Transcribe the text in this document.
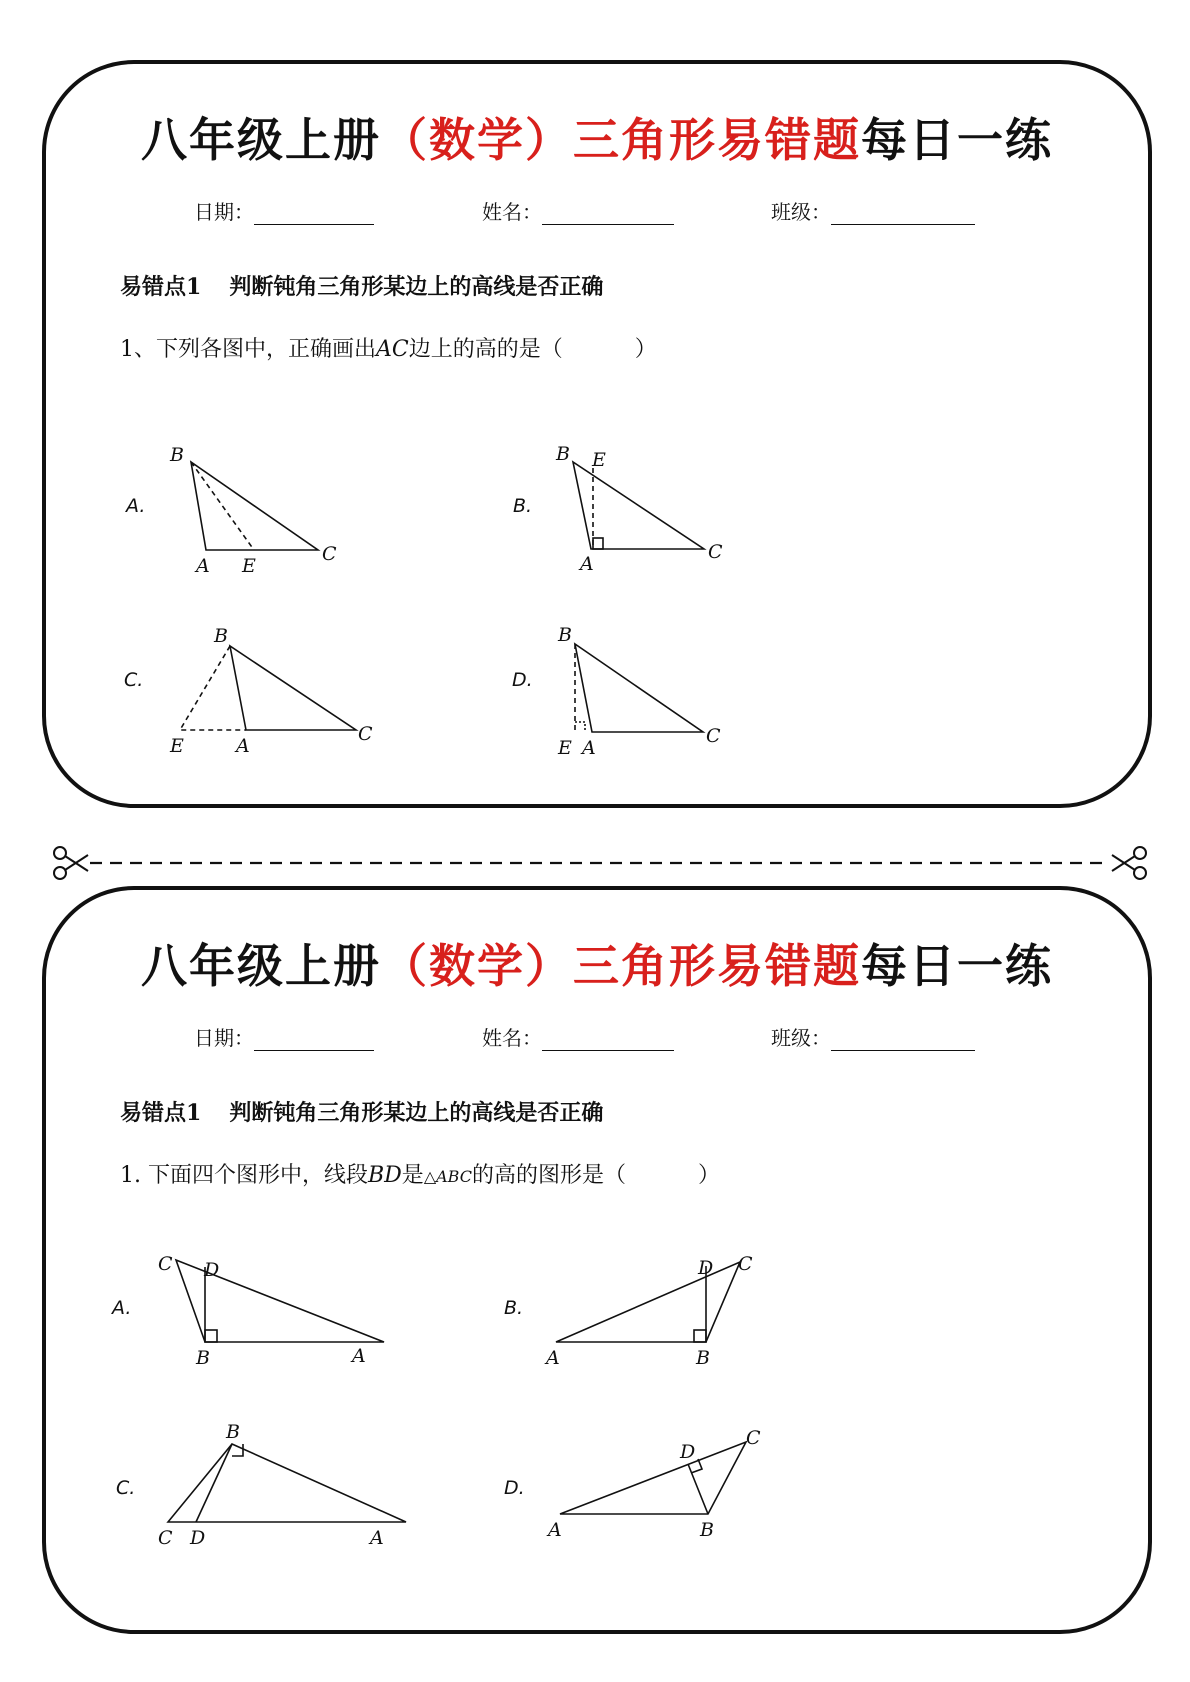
八年级上册（数学）三角形易错题每日一练
日期：	姓名：	班级：
易错点1 判断钝角三角形某边上的高线是否正确
1、下列各图中，正确画出AC边上的高的是（	）
A.
B
A E
C
B.
B E
A
C
C.
B
E	A
C
D.
B
E A
C
八年级上册（数学）三角形易错题每日一练
日期：	姓名：	班级：
易错点1 判断钝角三角形某边上的高线是否正确
1. 下面四个图形中，线段BD是△ABC的高的图形是（	）
A.
C D
B	A
B.
D C
A	B
C.
B
C D	A
D.
D
C
A	B
